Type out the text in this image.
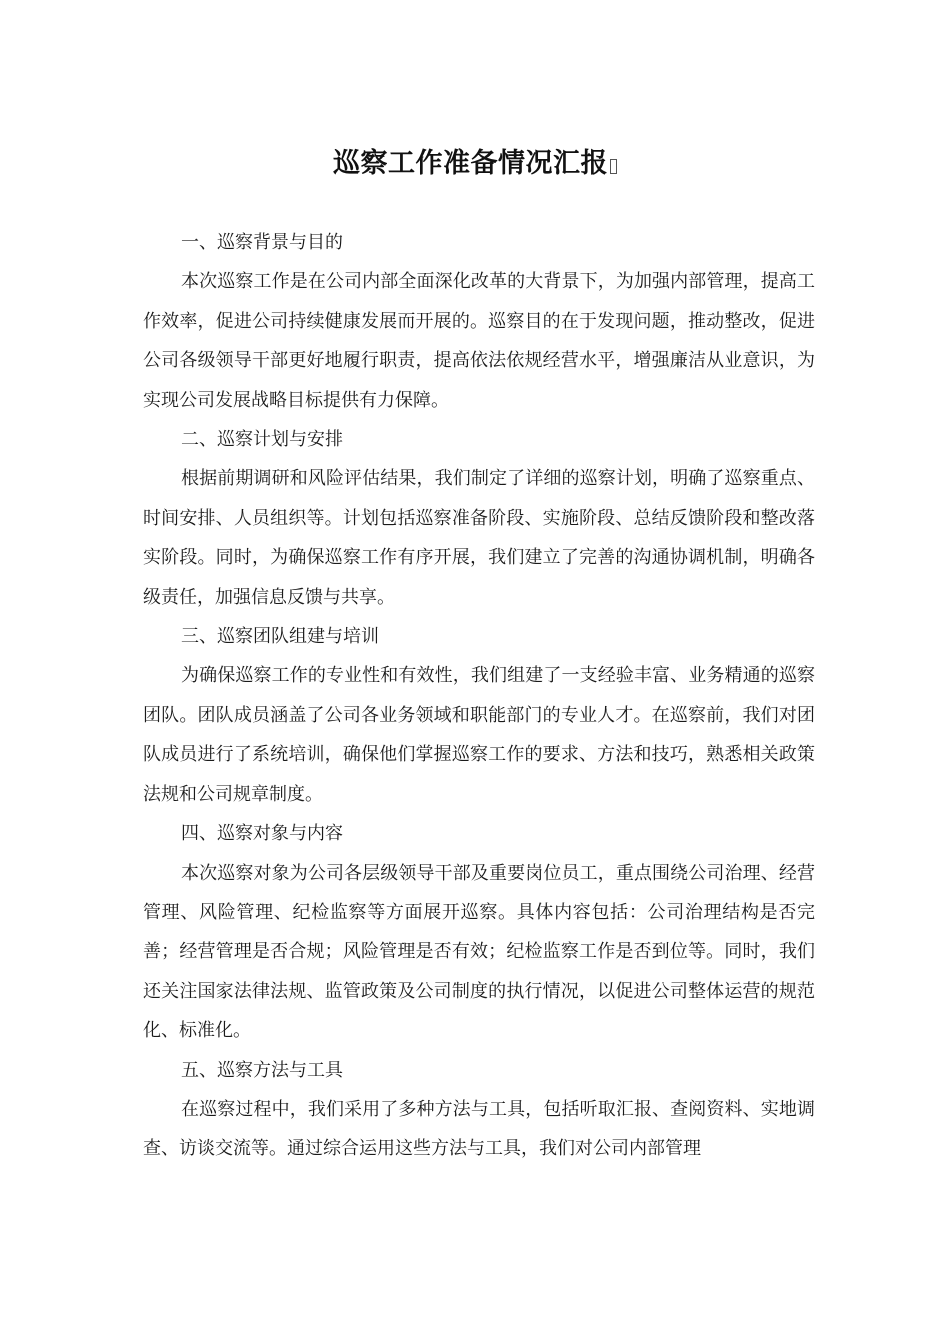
巡察工作准备情况汇报

一、巡察背景与目的

本次巡察工作是在公司内部全面深化改革的大背景下，为加强内部管理，提高工作效率，促进公司持续健康发展而开展的。巡察目的在于发现问题，推动整改，促进公司各级领导干部更好地履行职责，提高依法依规经营水平，增强廉洁从业意识，为实现公司发展战略目标提供有力保障。

二、巡察计划与安排

根据前期调研和风险评估结果，我们制定了详细的巡察计划，明确了巡察重点、时间安排、人员组织等。计划包括巡察准备阶段、实施阶段、总结反馈阶段和整改落实阶段。同时，为确保巡察工作有序开展，我们建立了完善的沟通协调机制，明确各级责任，加强信息反馈与共享。

三、巡察团队组建与培训

为确保巡察工作的专业性和有效性，我们组建了一支经验丰富、业务精通的巡察团队。团队成员涵盖了公司各业务领域和职能部门的专业人才。在巡察前，我们对团队成员进行了系统培训，确保他们掌握巡察工作的要求、方法和技巧，熟悉相关政策法规和公司规章制度。

四、巡察对象与内容

本次巡察对象为公司各层级领导干部及重要岗位员工，重点围绕公司治理、经营管理、风险管理、纪检监察等方面展开巡察。具体内容包括：公司治理结构是否完善；经营管理是否合规；风险管理是否有效；纪检监察工作是否到位等。同时，我们还关注国家法律法规、监管政策及公司制度的执行情况，以促进公司整体运营的规范化、标准化。

五、巡察方法与工具

在巡察过程中，我们采用了多种方法与工具，包括听取汇报、查阅资料、实地调查、访谈交流等。通过综合运用这些方法与工具，我们对公司内部管理
